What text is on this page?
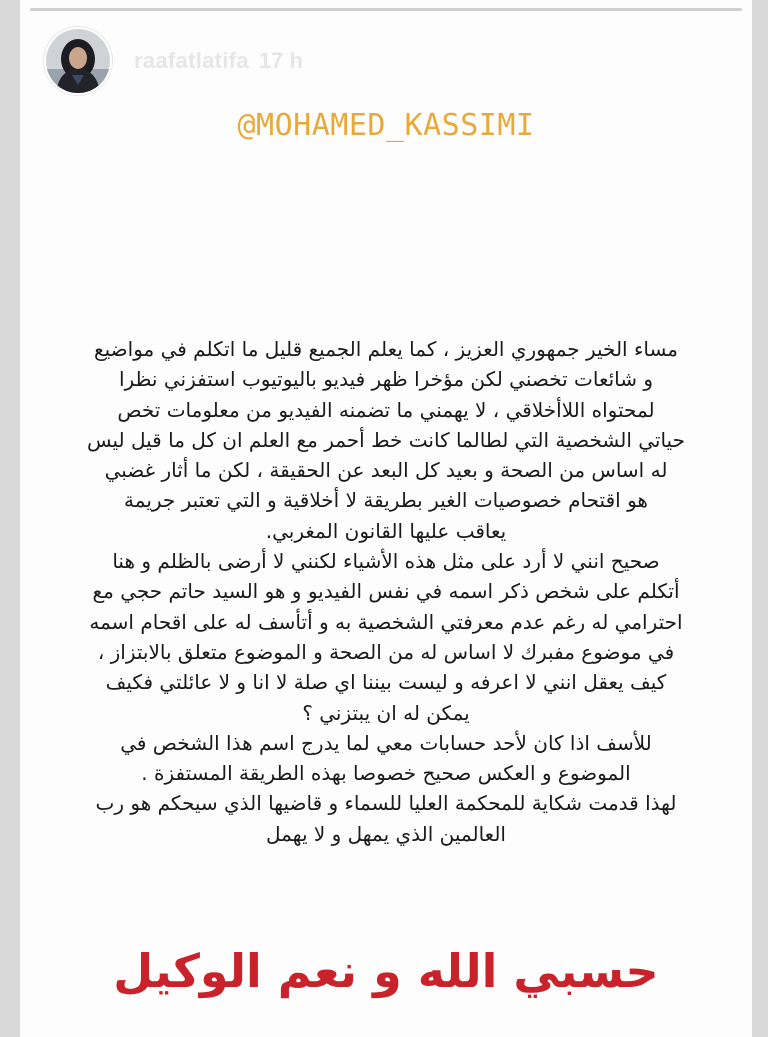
raafatlatifa 17 h
@MOHAMED_KASSIMI

مساء الخير جمهوري العزيز ، كما يعلم الجميع قليل ما اتكلم في مواضيع

و شائعات تخصني لكن مؤخرا ظهر فيديو باليوتيوب استفزني نظرا

لمحتواه اللاأخلاقي ، لا يهمني ما تضمنه الفيديو من معلومات تخص

حياتي الشخصية التي لطالما كانت خط أحمر مع العلم ان كل ما قيل ليس

له اساس من الصحة و بعيد كل البعد عن الحقيقة ، لكن ما أثار غضبي

هو اقتحام خصوصيات الغير بطريقة لا أخلاقية و التي تعتبر جريمة

يعاقب عليها القانون المغربي.

صحيح انني لا أرد على مثل هذه الأشياء لكنني لا أرضى بالظلم و هنا

أتكلم على شخص ذكر اسمه في نفس الفيديو و هو السيد حاتم حجي مع

احترامي له رغم عدم معرفتي الشخصية به و أتأسف له على اقحام اسمه

في موضوع مفبرك لا اساس له من الصحة و الموضوع متعلق بالابتزاز ،

كيف يعقل انني لا اعرفه و ليست بيننا اي صلة لا انا و لا عائلتي فكيف

يمكن له ان يبتزني ؟

للأسف اذا كان لأحد حسابات معي لما يدرج اسم هذا الشخص في

الموضوع و العكس صحيح خصوصا بهذه الطريقة المستفزة .

لهذا قدمت شكاية للمحكمة العليا للسماء و قاضيها الذي سيحكم هو رب

العالمين الذي يمهل و لا يهمل

حسبي الله و نعم الوكيل
